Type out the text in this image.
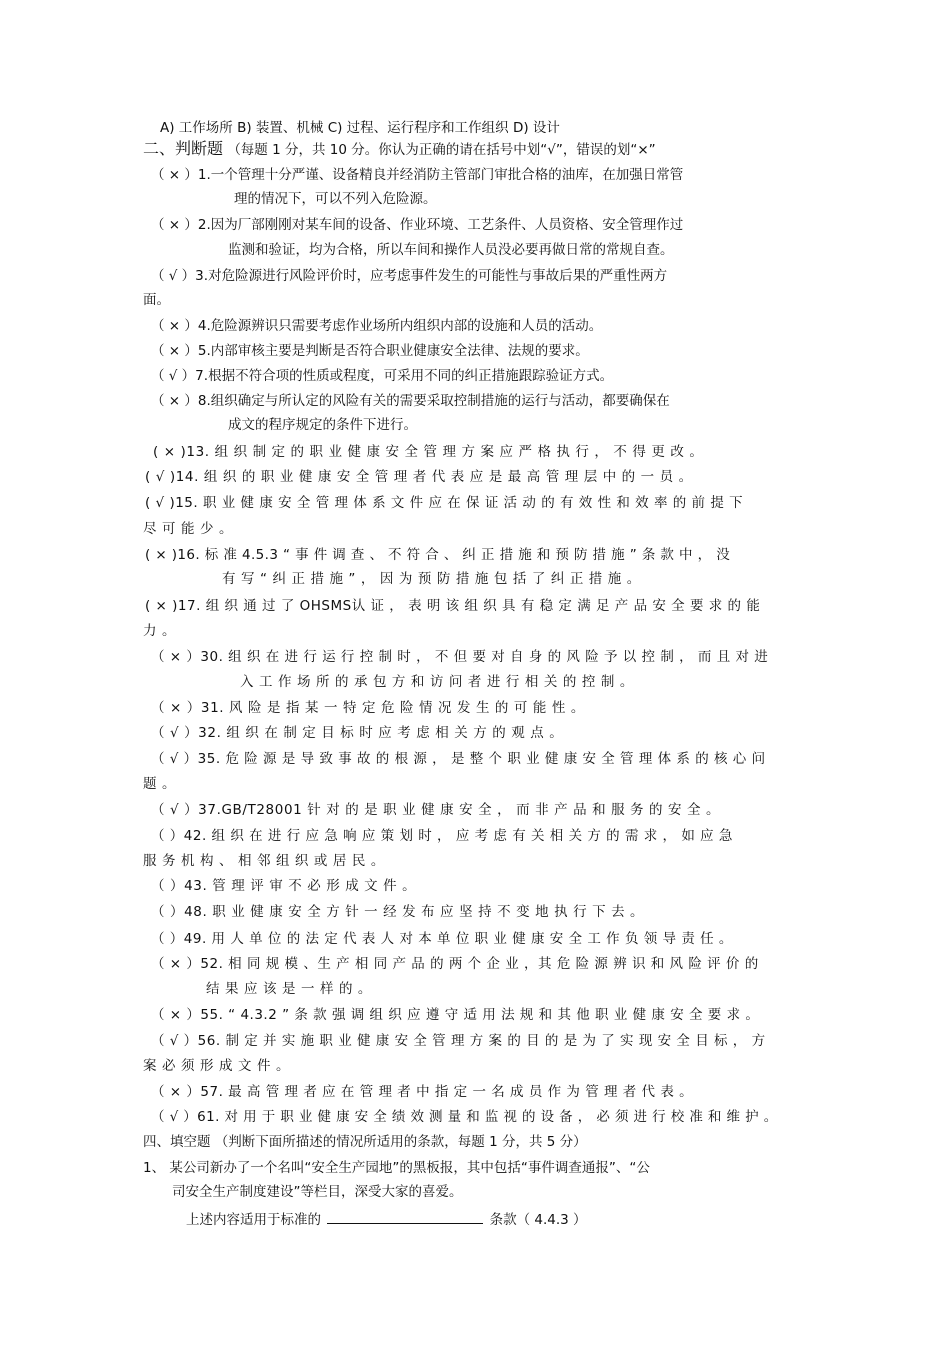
A) 工作场所 B) 装置、机械 C) 过程、运行程序和工作组织 D) 设计
二、判断题 （每题 1 分，共 10 分。你认为正确的请在括号中划“√”，错误的划“×”
（ × ）1.一个管理十分严谨、设备精良并经消防主管部门审批合格的油库，在加强日常管
理的情况下，可以不列入危险源。
（ × ）2.因为厂部刚刚对某车间的设备、作业环境、工艺条件、人员资格、安全管理作过
监测和验证，均为合格，所以车间和操作人员没必要再做日常的常规自查。
（ √ ）3.对危险源进行风险评价时，应考虑事件发生的可能性与事故后果的严重性两方
面。
（ × ）4.危险源辨识只需要考虑作业场所内组织内部的设施和人员的活动。
（ × ）5.内部审核主要是判断是否符合职业健康安全法律、法规的要求。
（ √ ）7.根据不符合项的性质或程度，可采用不同的纠正措施跟踪验证方式。
（ × ）8.组织确定与所认定的风险有关的需要采取控制措施的运行与活动，都要确保在
成文的程序规定的条件下进行。
( × )13. 组 织 制 定 的 职 业 健 康 安 全 管 理 方 案 应 严 格 执 行 ， 不 得 更 改 。
( √ )14. 组 织 的 职 业 健 康 安 全 管 理 者 代 表 应 是 最 高 管 理 层 中 的 一 员 。
( √ )15. 职 业 健 康 安 全 管 理 体 系 文 件 应 在 保 证 活 动 的 有 效 性 和 效 率 的 前 提 下
尽 可 能 少 。
( × )16. 标 准 4.5.3 “ 事 件 调 查 、 不 符 合 、 纠 正 措 施 和 预 防 措 施 ” 条 款 中 ， 没
有 写 “ 纠 正 措 施 ” ， 因 为 预 防 措 施 包 括 了 纠 正 措 施 。
( × )17. 组 织 通 过 了 OHSMS认 证 ， 表 明 该 组 织 具 有 稳 定 满 足 产 品 安 全 要 求 的 能
力 。
（ × ）30. 组 织 在 进 行 运 行 控 制 时 ， 不 但 要 对 自 身 的 风 险 予 以 控 制 ， 而 且 对 进
入 工 作 场 所 的 承 包 方 和 访 问 者 进 行 相 关 的 控 制 。
（ × ）31. 风 险 是 指 某 一 特 定 危 险 情 况 发 生 的 可 能 性 。
（ √ ）32. 组 织 在 制 定 目 标 时 应 考 虑 相 关 方 的 观 点 。
（ √ ）35. 危 险 源 是 导 致 事 故 的 根 源 ， 是 整 个 职 业 健 康 安 全 管 理 体 系 的 核 心 问
题 。
（ √ ）37.GB/T28001 针 对 的 是 职 业 健 康 安 全 ， 而 非 产 品 和 服 务 的 安 全 。
（ ）42. 组 织 在 进 行 应 急 响 应 策 划 时 ， 应 考 虑 有 关 相 关 方 的 需 求 ， 如 应 急
服 务 机 构 、 相 邻 组 织 或 居 民 。
（ ）43. 管 理 评 审 不 必 形 成 文 件 。
（ ）48. 职 业 健 康 安 全 方 针 一 经 发 布 应 坚 持 不 变 地 执 行 下 去 。
（ ）49. 用 人 单 位 的 法 定 代 表 人 对 本 单 位 职 业 健 康 安 全 工 作 负 领 导 责 任 。
（ × ）52. 相 同 规 模 、生 产 相 同 产 品 的 两 个 企 业 ，其 危 险 源 辨 识 和 风 险 评 价 的
结 果 应 该 是 一 样 的 。
（ × ）55. “ 4.3.2 ” 条 款 强 调 组 织 应 遵 守 适 用 法 规 和 其 他 职 业 健 康 安 全 要 求 。
（ √ ）56. 制 定 并 实 施 职 业 健 康 安 全 管 理 方 案 的 目 的 是 为 了 实 现 安 全 目 标 ， 方
案 必 须 形 成 文 件 。
（ × ）57. 最 高 管 理 者 应 在 管 理 者 中 指 定 一 名 成 员 作 为 管 理 者 代 表 。
（ √ ）61. 对 用 于 职 业 健 康 安 全 绩 效 测 量 和 监 视 的 设 备 ， 必 须 进 行 校 准 和 维 护 。
四、填空题 （判断下面所描述的情况所适用的条款，每题 1 分，共 5 分）
1、 某公司新办了一个名叫“安全生产园地”的黑板报，其中包括“事件调查通报”、“公
司安全生产制度建设”等栏目，深受大家的喜爱。
上述内容适用于标准的	条款（ 4.4.3 ）
